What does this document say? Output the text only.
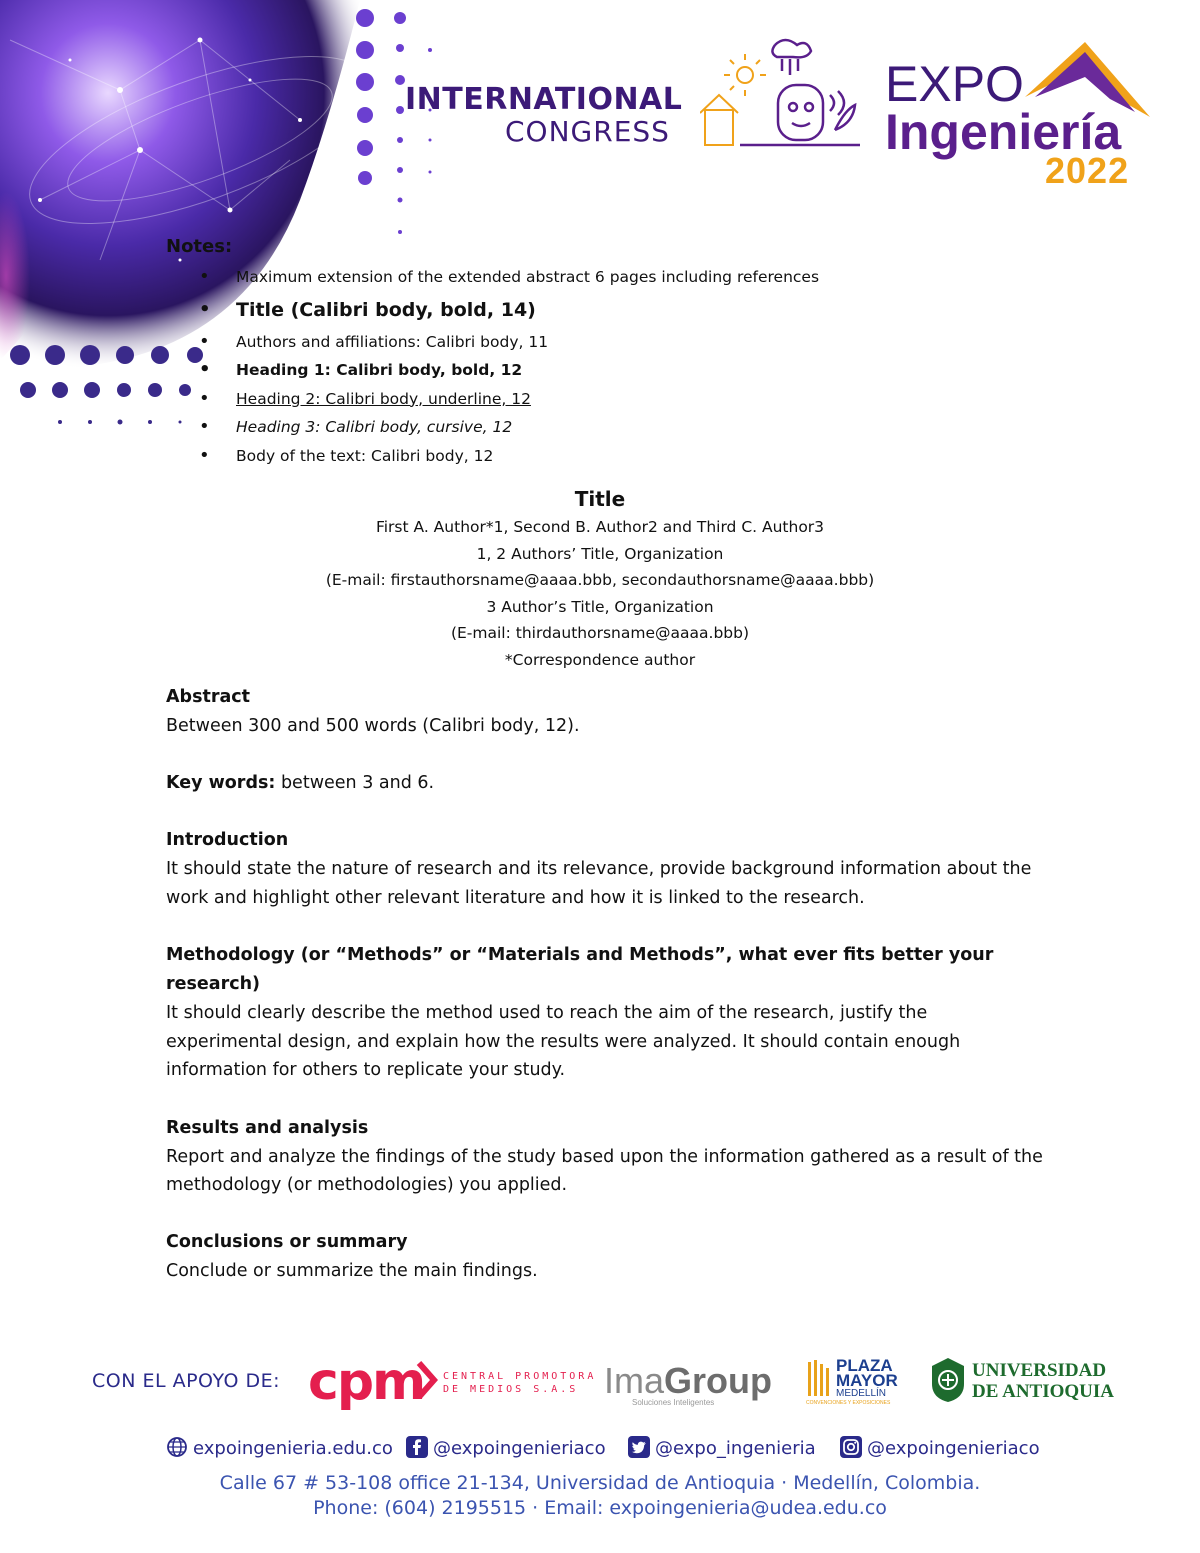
INTERNATIONAL
CONGRESS
EXPO
Ingeniería
2022
Notes:
• Maximum extension of the extended abstract 6 pages including references
• Title (Calibri body, bold, 14)
• Authors and affiliations: Calibri body, 11
• Heading 1: Calibri body, bold, 12
• Heading 2: Calibri body, underline, 12
• Heading 3: Calibri body, cursive, 12
• Body of the text: Calibri body, 12
Title
First A. Author*1, Second B. Author2 and Third C. Author3
1, 2 Authors’ Title, Organization
(E-mail: firstauthorsname@aaaa.bbb, secondauthorsname@aaaa.bbb)
3 Author’s Title, Organization
(E-mail: thirdauthorsname@aaaa.bbb)
*Correspondence author
Abstract
Between 300 and 500 words (Calibri body, 12).
Key words: between 3 and 6.
Introduction
It should state the nature of research and its relevance, provide background information about the work and highlight other relevant literature and how it is linked to the research.
Methodology (or “Methods” or “Materials and Methods”, what ever fits better your research)
It should clearly describe the method used to reach the aim of the research, justify the experimental design, and explain how the results were analyzed. It should contain enough information for others to replicate your study.
Results and analysis
Report and analyze the findings of the study based upon the information gathered as a result of the methodology (or methodologies) you applied.
Conclusions or summary
Conclude or summarize the main findings.
CON EL APOYO DE: cpm CENTRAL PROMOTORA
DE MEDIOS S.A.S ImaGroup
Soluciones Inteligentes
PLAZA
MAYOR
MEDELLÍN
CONVENCIONES Y EXPOSICIONES
UNIVERSIDAD
DE ANTIOQUIA
expoingenieria.edu.co	@expoingenieriaco	@expo_ingenieria	@expoingenieriaco
Calle 67 # 53-108 office 21-134, Universidad de Antioquia · Medellín, Colombia.
Phone: (604) 2195515 · Email: expoingenieria@udea.edu.co
